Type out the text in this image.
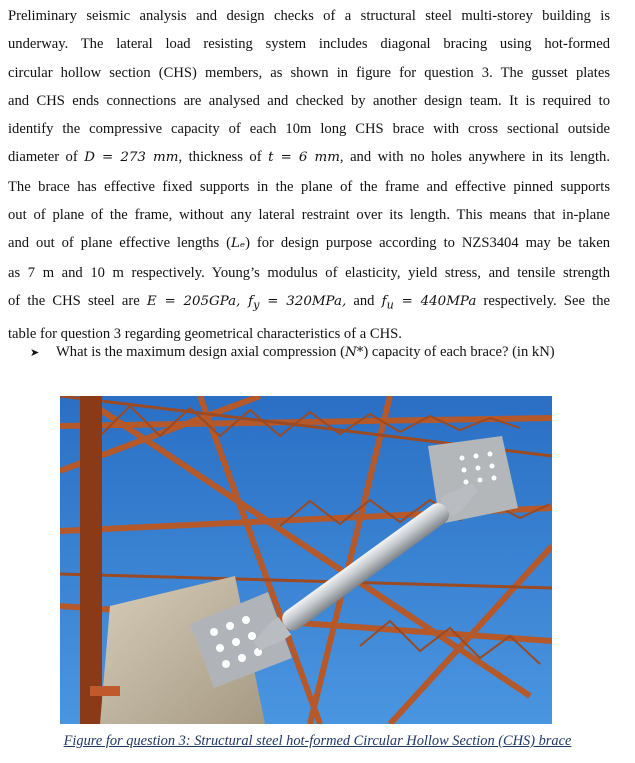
Preliminary seismic analysis and design checks of a structural steel multi-storey building is
underway. The lateral load resisting system includes diagonal bracing using hot-formed
circular hollow section (CHS) members, as shown in figure for question 3. The gusset plates
and CHS ends connections are analysed and checked by another design team. It is required to
identify the compressive capacity of each 10m long CHS brace with cross sectional outside
diameter of D = 273 mm, thickness of t = 6 mm, and with no holes anywhere in its length.
The brace has effective fixed supports in the plane of the frame and effective pinned supports
out of plane of the frame, without any lateral restraint over its length. This means that in-plane
and out of plane effective lengths (Lₑ) for design purpose according to NZS3404 may be taken
as 7 m and 10 m respectively. Young’s modulus of elasticity, yield stress, and tensile strength
of the CHS steel are E = 205GPa, $f_y = 320MPa$, and $f_u = 440MPa$ respectively. See the
table for question 3 regarding geometrical characteristics of a CHS.
➤ What is the maximum design axial compression (N*) capacity of each brace? (in kN)
Figure for question 3: Structural steel hot-formed Circular Hollow Section (CHS) brace
